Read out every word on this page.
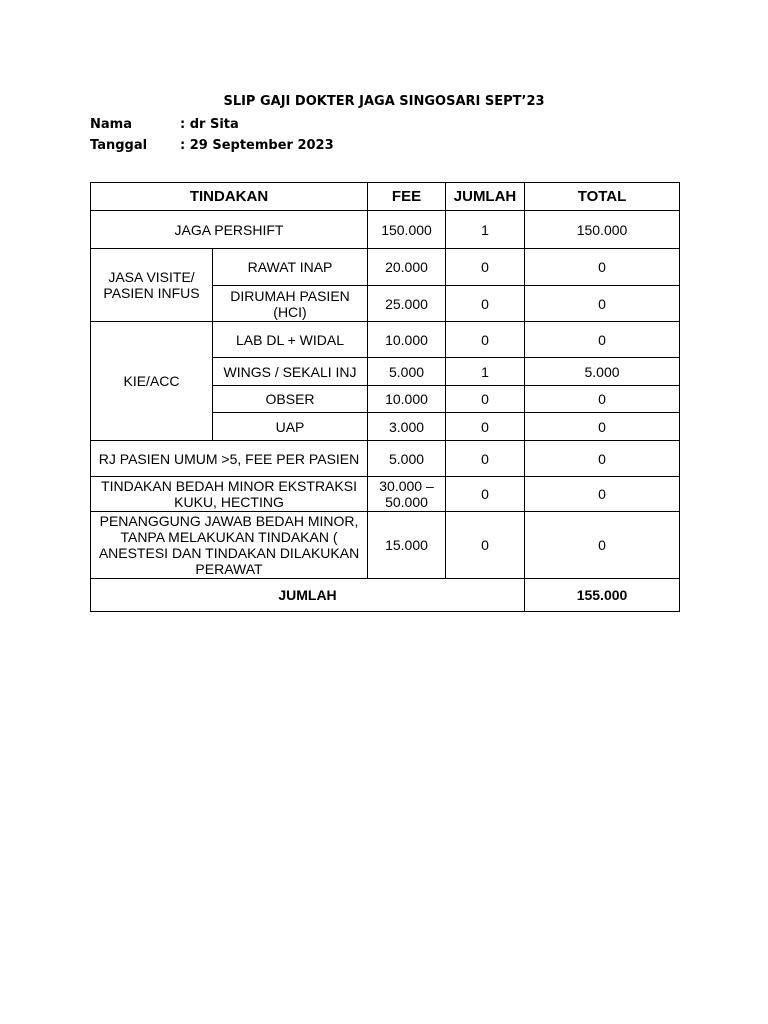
SLIP GAJI DOKTER JAGA SINGOSARI SEPT’23
Nama	: dr Sita
Tanggal	: 29 September 2023
TINDAKAN		FEE	JUMLAH	TOTAL
JAGA PERSHIFT		150.000	1	150.000
JASA VISITE/ PASIEN INFUS	RAWAT INAP	20.000	0	0
	DIRUMAH PASIEN (HCI)	25.000	0	0
KIE/ACC	LAB DL + WIDAL	10.000	0	0
	WINGS / SEKALI INJ	5.000	1	5.000
	OBSER	10.000	0	0
	UAP	3.000	0	0
RJ PASIEN UMUM >5, FEE PER PASIEN		5.000	0	0
TINDAKAN BEDAH MINOR EKSTRAKSI KUKU, HECTING		30.000 – 50.000	0	0
PENANGGUNG JAWAB BEDAH MINOR, TANPA MELAKUKAN TINDAKAN ( ANESTESI DAN TINDAKAN DILAKUKAN PERAWAT		15.000	0	0
JUMLAH				155.000
